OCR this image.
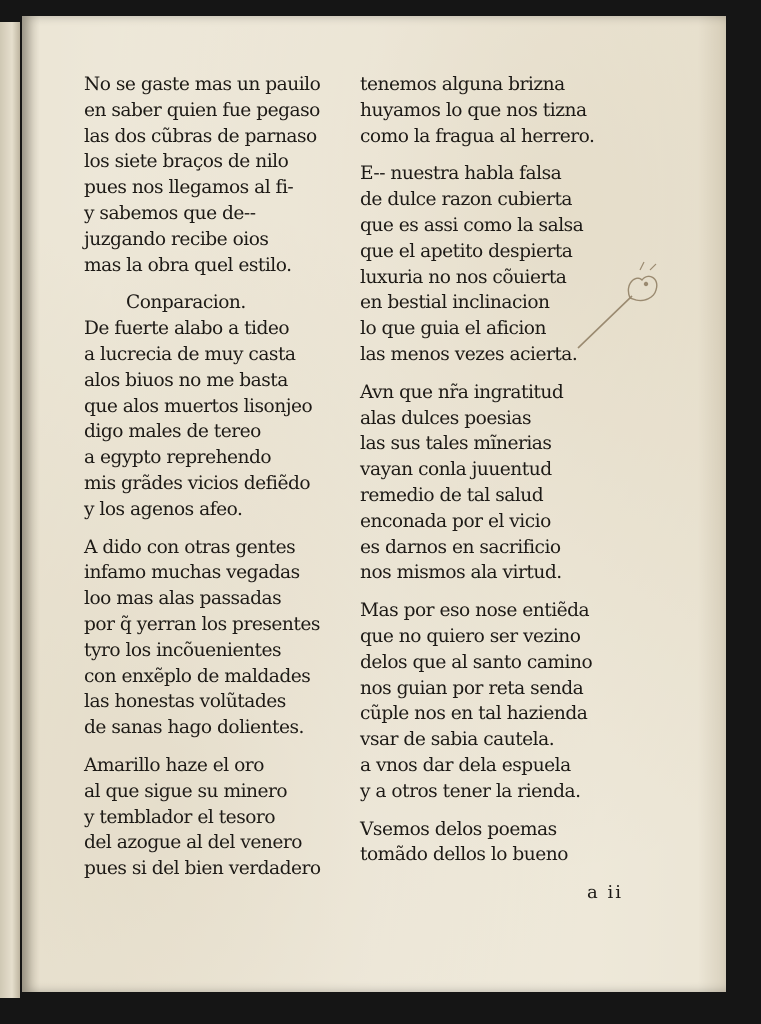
No se gaste mas un pauilo
en saber quien fue pegaso
las dos cũbras de parnaso
los siete braços de nilo
pues nos llegamos al fi-
y sabemos que de--
juzgando recibe oios
mas la obra quel estilo.
Conparacion.
De fuerte alabo a tideo
a lucrecia de muy casta
alos biuos no me basta
que alos muertos lisonjeo
digo males de tereo
a egypto reprehendo
mis grãdes vicios defiẽdo
y los agenos afeo.
A dido con otras gentes
infamo muchas vegadas
loo mas alas passadas
por q̃ yerran los presentes
tyro los incõuenientes
con enxẽplo de maldades
las honestas volũtades
de sanas hago dolientes.
Amarillo haze el oro
al que sigue su minero
y temblador el tesoro
del azogue al del venero
pues si del bien verdadero
tenemos alguna brizna
huyamos lo que nos tizna
como la fragua al herrero.
E-- nuestra habla falsa
de dulce razon cubierta
que es assi como la salsa
que el apetito despierta
luxuria no nos cõuierta
en bestial inclinacion
lo que guia el aficion
las menos vezes acierta.
Avn que nr̃a ingratitud
alas dulces poesias
las sus tales mĩnerias
vayan conla juuentud
remedio de tal salud
enconada por el vicio
es darnos en sacrificio
nos mismos ala virtud.
Mas por eso nose entiẽda
que no quiero ser vezino
delos que al santo camino
nos guian por reta senda
cũple nos en tal hazienda
vsar de sabia cautela.
a vnos dar dela espuela
y a otros tener la rienda.
Vsemos delos poemas
tomãdo dellos lo bueno
a ii
